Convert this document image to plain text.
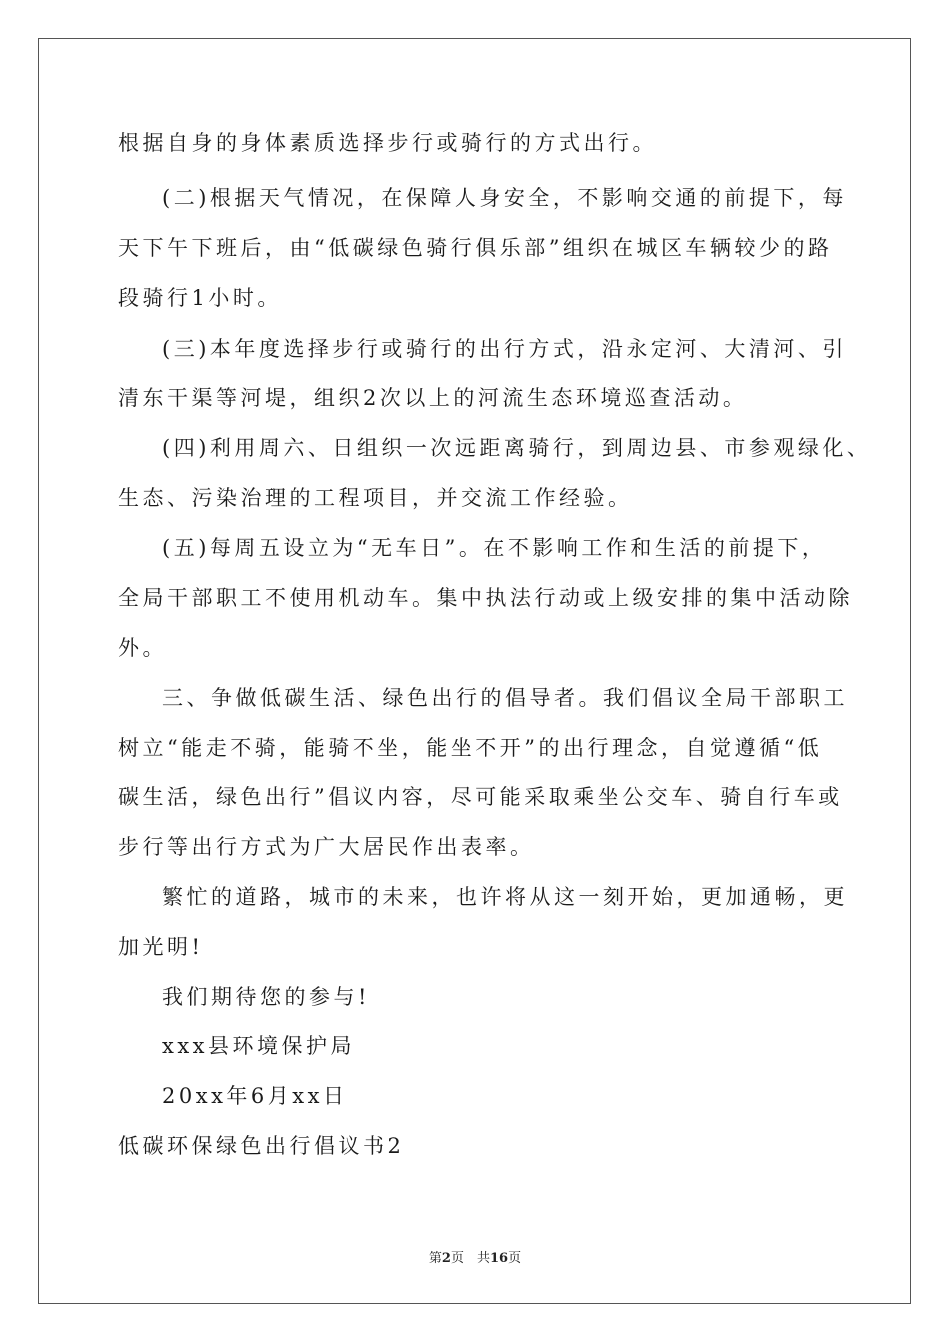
根据自身的身体素质选择步行或骑行的方式出行。
(二)根据天气情况，在保障人身安全，不影响交通的前提下，每
天下午下班后，由“低碳绿色骑行俱乐部”组织在城区车辆较少的路
段骑行1小时。
(三)本年度选择步行或骑行的出行方式，沿永定河、大清河、引
清东干渠等河堤，组织2次以上的河流生态环境巡查活动。
(四)利用周六、日组织一次远距离骑行，到周边县、市参观绿化、
生态、污染治理的工程项目，并交流工作经验。
(五)每周五设立为“无车日”。在不影响工作和生活的前提下，
全局干部职工不使用机动车。集中执法行动或上级安排的集中活动除
外。
三、争做低碳生活、绿色出行的倡导者。我们倡议全局干部职工
树立“能走不骑，能骑不坐，能坐不开”的出行理念，自觉遵循“低
碳生活，绿色出行”倡议内容，尽可能采取乘坐公交车、骑自行车或
步行等出行方式为广大居民作出表率。
繁忙的道路，城市的未来，也许将从这一刻开始，更加通畅，更
加光明!
我们期待您的参与!
xxx县环境保护局
20xx年6月xx日
低碳环保绿色出行倡议书2
第2页　共16页
